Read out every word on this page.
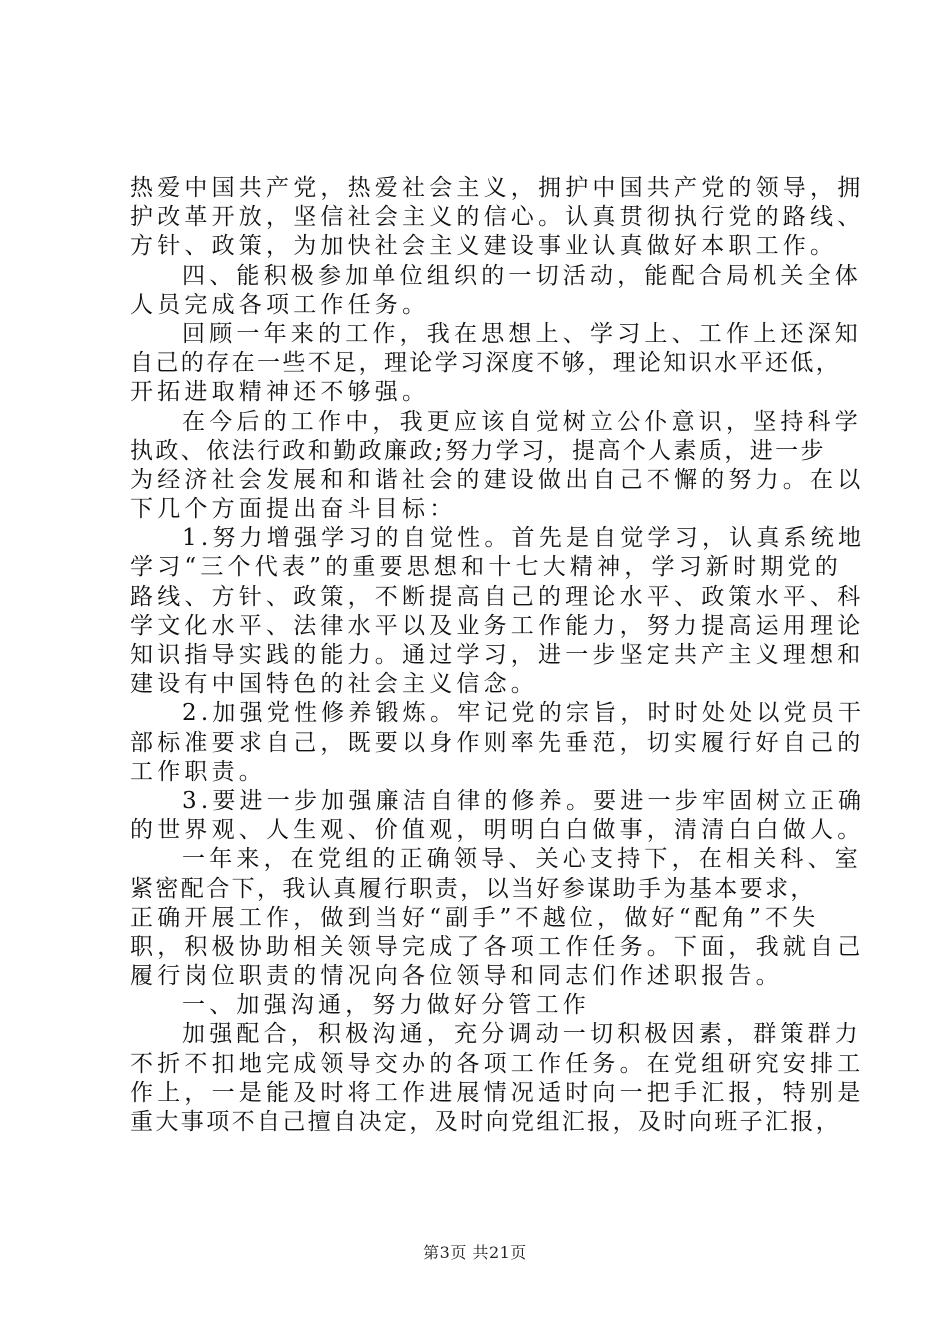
热爱中国共产党，热爱社会主义，拥护中国共产党的领导，拥
护改革开放，坚信社会主义的信心。认真贯彻执行党的路线、
方针、政策，为加快社会主义建设事业认真做好本职工作。
四、能积极参加单位组织的一切活动，能配合局机关全体
人员完成各项工作任务。
回顾一年来的工作，我在思想上、学习上、工作上还深知
自己的存在一些不足，理论学习深度不够，理论知识水平还低，
开拓进取精神还不够强。
在今后的工作中，我更应该自觉树立公仆意识，坚持科学
执政、依法行政和勤政廉政;努力学习，提高个人素质，进一步
为经济社会发展和和谐社会的建设做出自己不懈的努力。在以
下几个方面提出奋斗目标：
1.努力增强学习的自觉性。首先是自觉学习，认真系统地
学习“三个代表”的重要思想和十七大精神，学习新时期党的
路线、方针、政策，不断提高自己的理论水平、政策水平、科
学文化水平、法律水平以及业务工作能力，努力提高运用理论
知识指导实践的能力。通过学习，进一步坚定共产主义理想和
建设有中国特色的社会主义信念。
2.加强党性修养锻炼。牢记党的宗旨，时时处处以党员干
部标准要求自己，既要以身作则率先垂范，切实履行好自己的
工作职责。
3.要进一步加强廉洁自律的修养。要进一步牢固树立正确
的世界观、人生观、价值观，明明白白做事，清清白白做人。
一年来，在党组的正确领导、关心支持下，在相关科、室
紧密配合下，我认真履行职责，以当好参谋助手为基本要求，
正确开展工作，做到当好“副手”不越位，做好“配角”不失
职，积极协助相关领导完成了各项工作任务。下面，我就自己
履行岗位职责的情况向各位领导和同志们作述职报告。
一、加强沟通，努力做好分管工作
加强配合，积极沟通，充分调动一切积极因素，群策群力
不折不扣地完成领导交办的各项工作任务。在党组研究安排工
作上，一是能及时将工作进展情况适时向一把手汇报，特别是
重大事项不自己擅自决定，及时向党组汇报，及时向班子汇报，
第3页 共21页
